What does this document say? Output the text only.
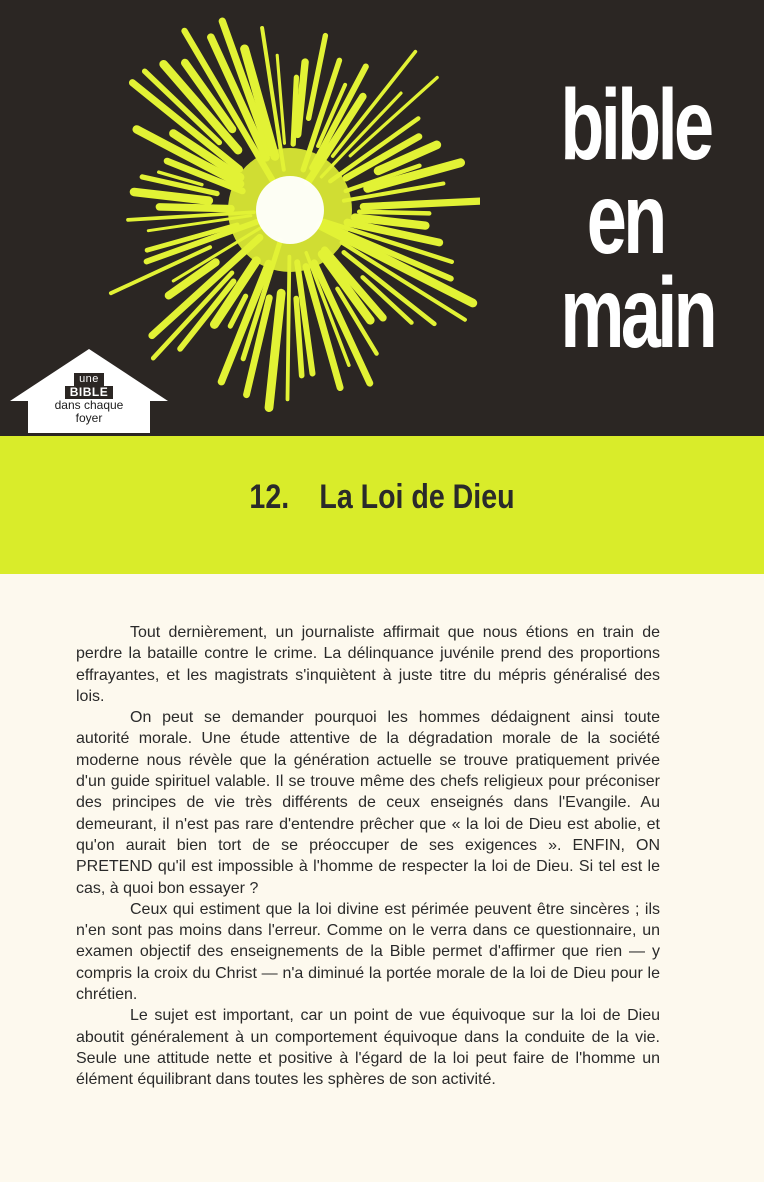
bible
en
main
une
BIBLE
dans chaque
foyer
12. La Loi de Dieu

Tout dernièrement, un journaliste affirmait que nous étions en train de perdre la bataille contre le crime. La délinquance juvénile prend des proportions effrayantes, et les magistrats s'inquiètent à juste titre du mépris généralisé des lois.

On peut se demander pourquoi les hommes dédaignent ainsi toute autorité morale. Une étude attentive de la dégradation morale de la société moderne nous révèle que la génération actuelle se trouve pratiquement privée d'un guide spirituel valable. Il se trouve même des chefs religieux pour préconiser des principes de vie très différents de ceux enseignés dans l'Evangile. Au demeurant, il n'est pas rare d'entendre prêcher que « la loi de Dieu est abolie, et qu'on aurait bien tort de se préoccuper de ses exigences ». ENFIN, ON PRETEND qu'il est impossible à l'homme de respecter la loi de Dieu. Si tel est le cas, à quoi bon essayer ?

Ceux qui estiment que la loi divine est périmée peuvent être sincères ; ils n'en sont pas moins dans l'erreur. Comme on le verra dans ce questionnaire, un examen objectif des enseignements de la Bible permet d'affirmer que rien — y compris la croix du Christ — n'a diminué la portée morale de la loi de Dieu pour le chrétien.

Le sujet est important, car un point de vue équivoque sur la loi de Dieu aboutit généralement à un comportement équivoque dans la conduite de la vie. Seule une attitude nette et positive à l'égard de la loi peut faire de l'homme un élément équilibrant dans toutes les sphères de son activité.
